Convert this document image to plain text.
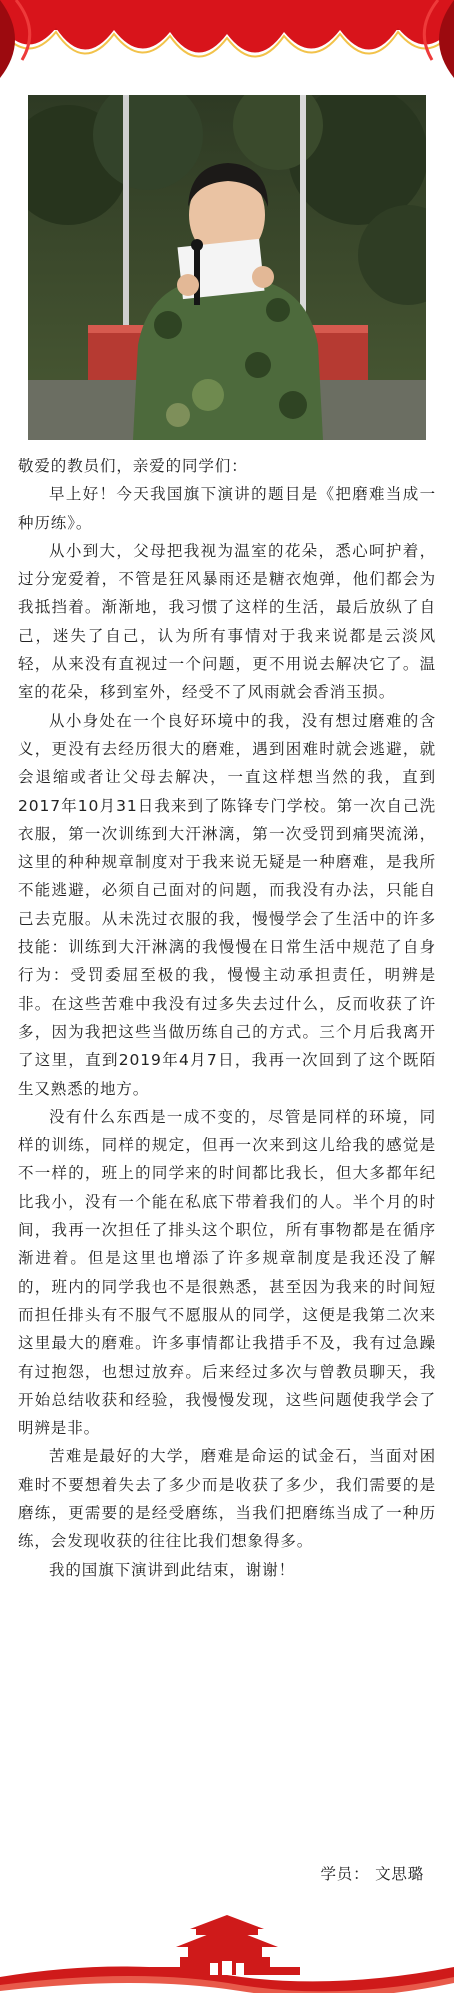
敬爱的教员们，亲爱的同学们：

早上好！今天我国旗下演讲的题目是《把磨难当成一种历练》。

从小到大，父母把我视为温室的花朵，悉心呵护着，过分宠爱着，不管是狂风暴雨还是糖衣炮弹，他们都会为我抵挡着。渐渐地，我习惯了这样的生活，最后放纵了自己，迷失了自己，认为所有事情对于我来说都是云淡风轻，从来没有直视过一个问题，更不用说去解决它了。温室的花朵，移到室外，经受不了风雨就会香消玉损。

从小身处在一个良好环境中的我，没有想过磨难的含义，更没有去经历很大的磨难，遇到困难时就会逃避，就会退缩或者让父母去解决，一直这样想当然的我，直到2017年10月31日我来到了陈锋专门学校。第一次自己洗衣服，第一次训练到大汗淋漓，第一次受罚到痛哭流涕，这里的种种规章制度对于我来说无疑是一种磨难，是我所不能逃避，必须自己面对的问题，而我没有办法，只能自己去克服。从未洗过衣服的我，慢慢学会了生活中的许多技能：训练到大汗淋漓的我慢慢在日常生活中规范了自身行为：受罚委屈至极的我，慢慢主动承担责任，明辨是非。在这些苦难中我没有过多失去过什么，反而收获了许多，因为我把这些当做历练自己的方式。三个月后我离开了这里，直到2019年4月7日，我再一次回到了这个既陌生又熟悉的地方。

没有什么东西是一成不变的，尽管是同样的环境，同样的训练，同样的规定，但再一次来到这儿给我的感觉是不一样的，班上的同学来的时间都比我长，但大多都年纪比我小，没有一个能在私底下带着我们的人。半个月的时间，我再一次担任了排头这个职位，所有事物都是在循序渐进着。但是这里也增添了许多规章制度是我还没了解的，班内的同学我也不是很熟悉，甚至因为我来的时间短而担任排头有不服气不愿服从的同学，这便是我第二次来这里最大的磨难。许多事情都让我措手不及，我有过急躁有过抱怨，也想过放弃。后来经过多次与曾教员聊天，我开始总结收获和经验，我慢慢发现，这些问题使我学会了明辨是非。

苦难是最好的大学，磨难是命运的试金石，当面对困难时不要想着失去了多少而是收获了多少，我们需要的是磨练，更需要的是经受磨练，当我们把磨练当成了一种历练，会发现收获的往往比我们想象得多。

我的国旗下演讲到此结束，谢谢！

学员： 文思璐
